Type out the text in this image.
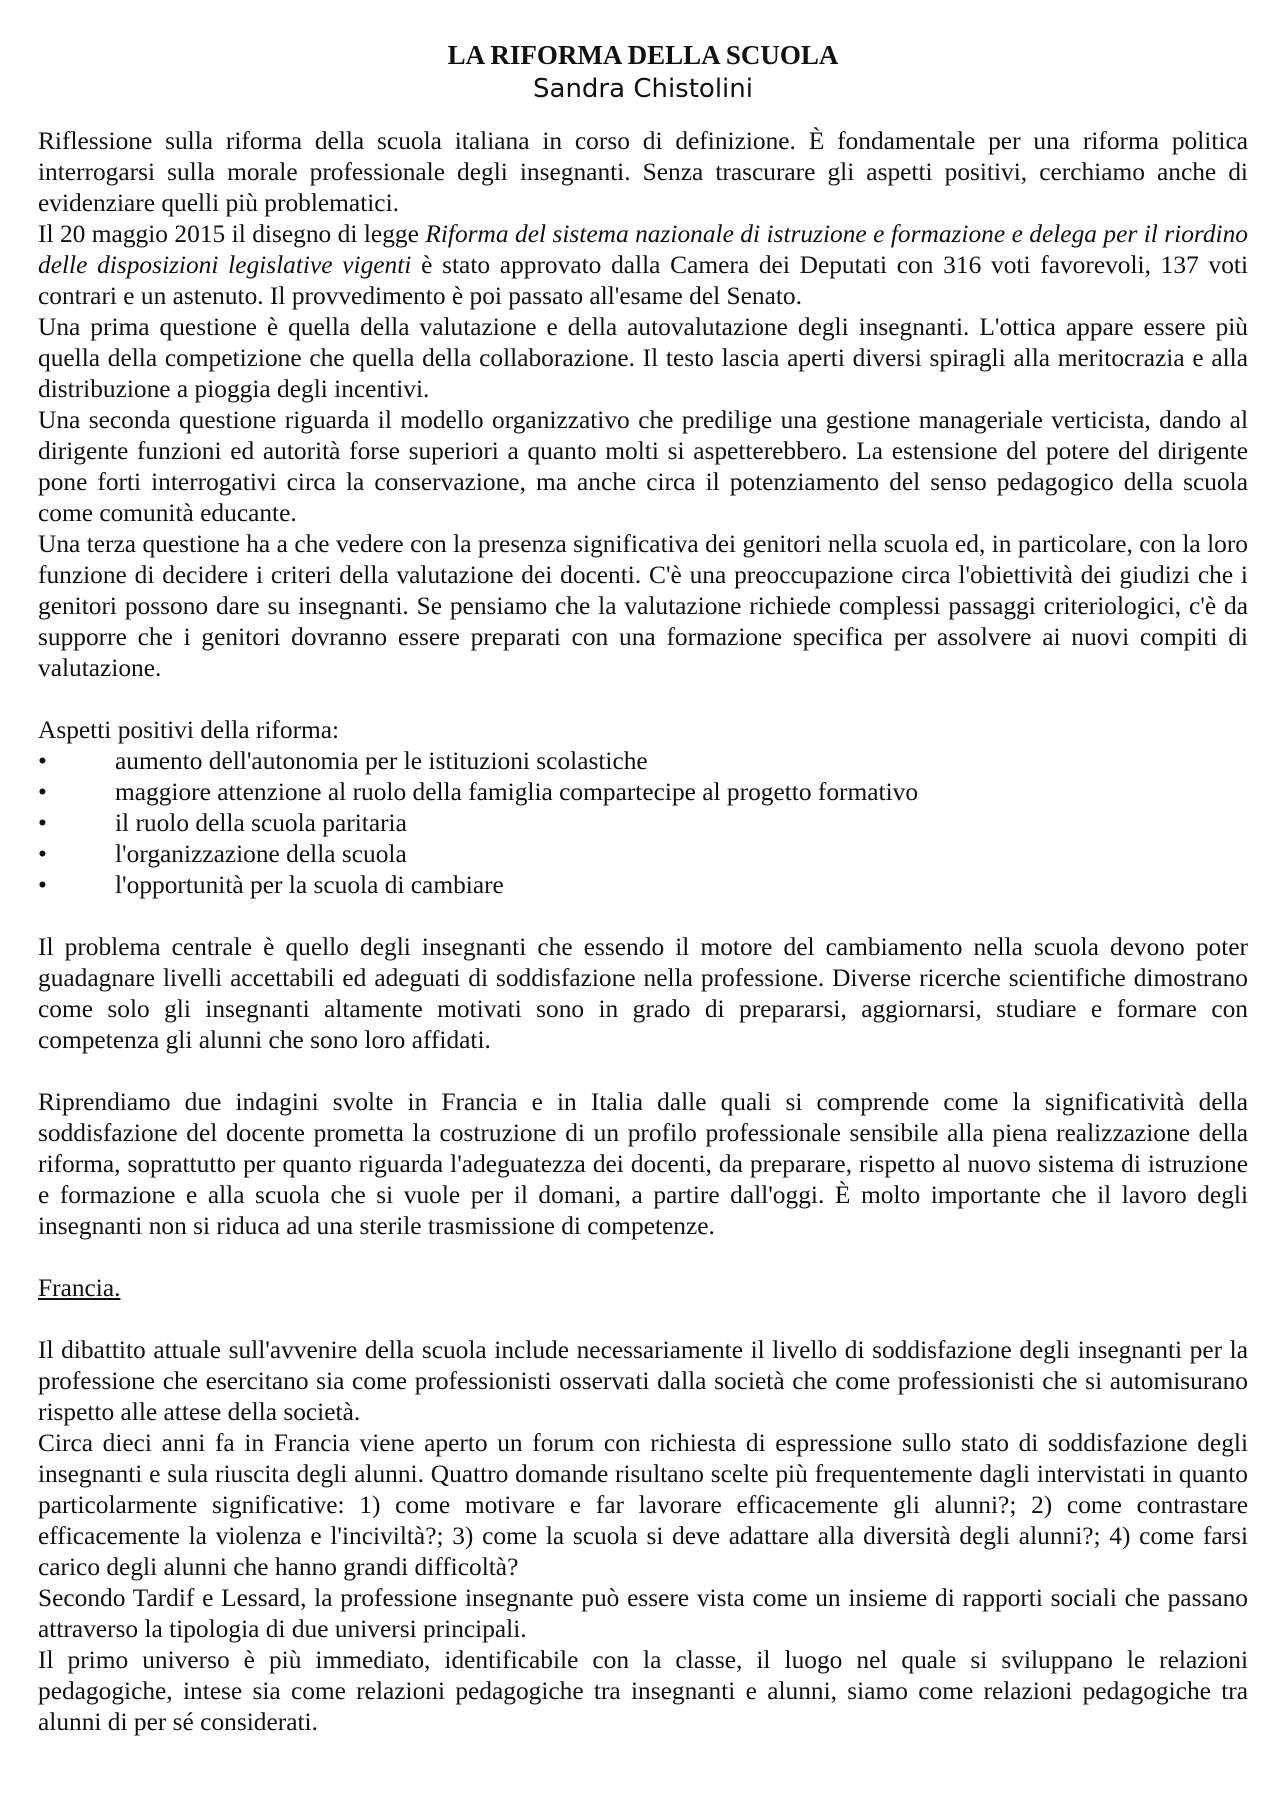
LA RIFORMA DELLA SCUOLA
Sandra Chistolini

Riflessione sulla riforma della scuola italiana in corso di definizione. È fondamentale per una riforma politica interrogarsi sulla morale professionale degli insegnanti. Senza trascurare gli aspetti positivi, cerchiamo anche di evidenziare quelli più problematici.

Il 20 maggio 2015 il disegno di legge Riforma del sistema nazionale di istruzione e formazione e delega per il riordino delle disposizioni legislative vigenti è stato approvato dalla Camera dei Deputati con 316 voti favorevoli, 137 voti contrari e un astenuto. Il provvedimento è poi passato all'esame del Senato.

Una prima questione è quella della valutazione e della autovalutazione degli insegnanti. L'ottica appare essere più quella della competizione che quella della collaborazione. Il testo lascia aperti diversi spiragli alla meritocrazia e alla distribuzione a pioggia degli incentivi.

Una seconda questione riguarda il modello organizzativo che predilige una gestione manageriale verticista, dando al dirigente funzioni ed autorità forse superiori a quanto molti si aspetterebbero. La estensione del potere del dirigente pone forti interrogativi circa la conservazione, ma anche circa il potenziamento del senso pedagogico della scuola come comunità educante.

Una terza questione ha a che vedere con la presenza significativa dei genitori nella scuola ed, in particolare, con la loro funzione di decidere i criteri della valutazione dei docenti. C'è una preoccupazione circa l'obiettività dei giudizi che i genitori possono dare su insegnanti. Se pensiamo che la valutazione richiede complessi passaggi criteriologici, c'è da supporre che i genitori dovranno essere preparati con una formazione specifica per assolvere ai nuovi compiti di valutazione.

Aspetti positivi della riforma:

•	aumento dell'autonomia per le istituzioni scolastiche
•	maggiore attenzione al ruolo della famiglia compartecipe al progetto formativo
•	il ruolo della scuola paritaria
•	l'organizzazione della scuola
•	l'opportunità per la scuola di cambiare

Il problema centrale è quello degli insegnanti che essendo il motore del cambiamento nella scuola devono poter guadagnare livelli accettabili ed adeguati di soddisfazione nella professione. Diverse ricerche scientifiche dimostrano come solo gli insegnanti altamente motivati sono in grado di prepararsi, aggiornarsi, studiare e formare con competenza gli alunni che sono loro affidati.

Riprendiamo due indagini svolte in Francia e in Italia dalle quali si comprende come la significatività della soddisfazione del docente prometta la costruzione di un profilo professionale sensibile alla piena realizzazione della riforma, soprattutto per quanto riguarda l'adeguatezza dei docenti, da preparare, rispetto al nuovo sistema di istruzione e formazione e alla scuola che si vuole per il domani, a partire dall'oggi. È molto importante che il lavoro degli insegnanti non si riduca ad una sterile trasmissione di competenze.

Francia.

Il dibattito attuale sull'avvenire della scuola include necessariamente il livello di soddisfazione degli insegnanti per la professione che esercitano sia come professionisti osservati dalla società che come professionisti che si automisurano rispetto alle attese della società.

Circa dieci anni fa in Francia viene aperto un forum con richiesta di espressione sullo stato di soddisfazione degli insegnanti e sula riuscita degli alunni. Quattro domande risultano scelte più frequentemente dagli intervistati in quanto particolarmente significative: 1) come motivare e far lavorare efficacemente gli alunni?; 2) come contrastare efficacemente la violenza e l'inciviltà?; 3) come la scuola si deve adattare alla diversità degli alunni?; 4) come farsi carico degli alunni che hanno grandi difficoltà?

Secondo Tardif e Lessard, la professione insegnante può essere vista come un insieme di rapporti sociali che passano attraverso la tipologia di due universi principali.

Il primo universo è più immediato, identificabile con la classe, il luogo nel quale si sviluppano le relazioni pedagogiche, intese sia come relazioni pedagogiche tra insegnanti e alunni, siamo come relazioni pedagogiche tra alunni di per sé considerati.
